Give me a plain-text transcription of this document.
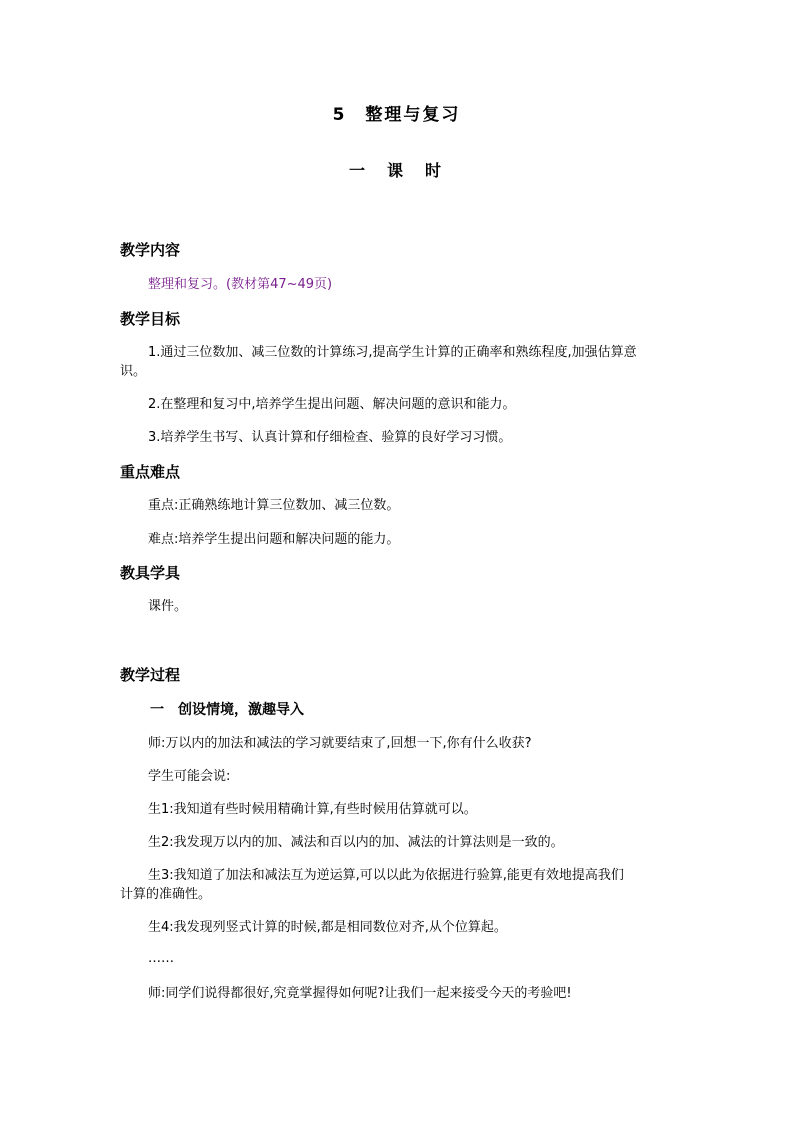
5　整理与复习
一　课　时
教学内容
整理和复习。(教材第47~49页)
教学目标
1.通过三位数加、减三位数的计算练习,提高学生计算的正确率和熟练程度,加强估算意
识。
2.在整理和复习中,培养学生提出问题、解决问题的意识和能力。
3.培养学生书写、认真计算和仔细检查、验算的良好学习习惯。
重点难点
重点:正确熟练地计算三位数加、减三位数。
难点:培养学生提出问题和解决问题的能力。
教具学具
课件。
教学过程
一　创设情境，激趣导入
师:万以内的加法和减法的学习就要结束了,回想一下,你有什么收获?
学生可能会说:
生1:我知道有些时候用精确计算,有些时候用估算就可以。
生2:我发现万以内的加、减法和百以内的加、减法的计算法则是一致的。
生3:我知道了加法和减法互为逆运算,可以以此为依据进行验算,能更有效地提高我们
计算的准确性。
生4:我发现列竖式计算的时候,都是相同数位对齐,从个位算起。
……
师:同学们说得都很好,究竟掌握得如何呢?让我们一起来接受今天的考验吧!
